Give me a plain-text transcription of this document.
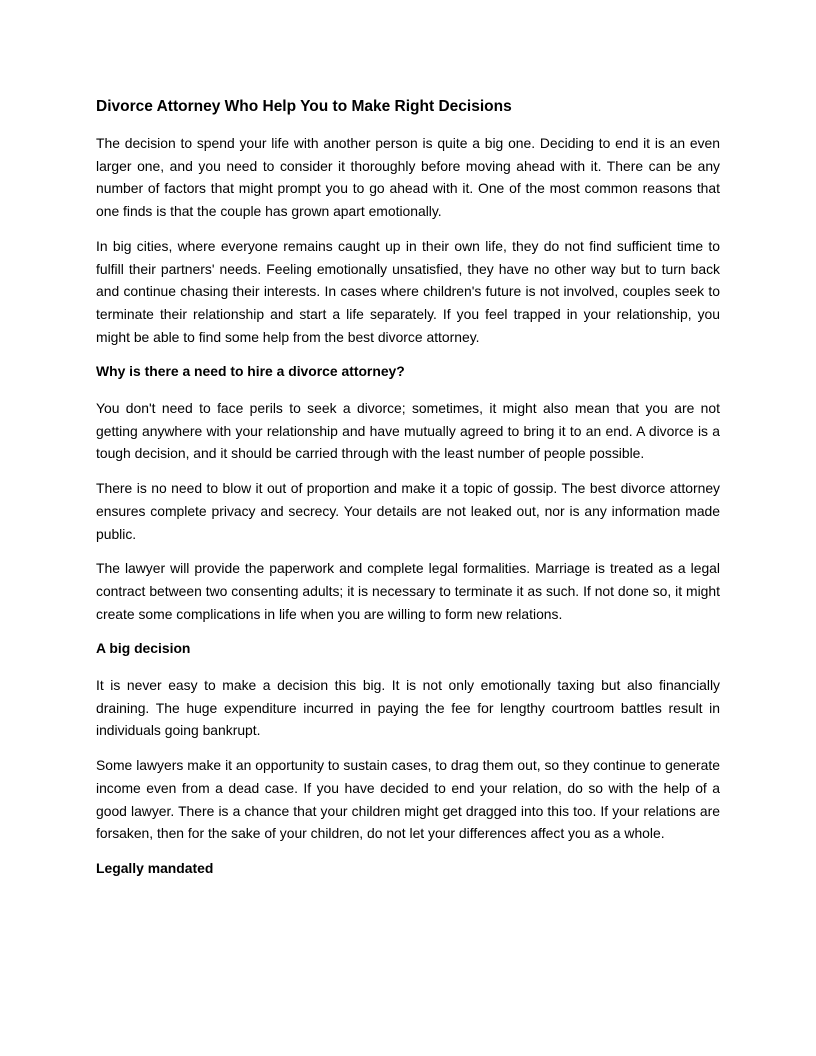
Divorce Attorney Who Help You to Make Right Decisions

The decision to spend your life with another person is quite a big one. Deciding to end it is an even larger one, and you need to consider it thoroughly before moving ahead with it. There can be any number of factors that might prompt you to go ahead with it. One of the most common reasons that one finds is that the couple has grown apart emotionally.

In big cities, where everyone remains caught up in their own life, they do not find sufficient time to fulfill their partners' needs. Feeling emotionally unsatisfied, they have no other way but to turn back and continue chasing their interests. In cases where children's future is not involved, couples seek to terminate their relationship and start a life separately. If you feel trapped in your relationship, you might be able to find some help from the best divorce attorney.

Why is there a need to hire a divorce attorney?

You don't need to face perils to seek a divorce; sometimes, it might also mean that you are not getting anywhere with your relationship and have mutually agreed to bring it to an end. A divorce is a tough decision, and it should be carried through with the least number of people possible.

There is no need to blow it out of proportion and make it a topic of gossip. The best divorce attorney ensures complete privacy and secrecy. Your details are not leaked out, nor is any information made public.

The lawyer will provide the paperwork and complete legal formalities. Marriage is treated as a legal contract between two consenting adults; it is necessary to terminate it as such. If not done so, it might create some complications in life when you are willing to form new relations.

A big decision

It is never easy to make a decision this big. It is not only emotionally taxing but also financially draining. The huge expenditure incurred in paying the fee for lengthy courtroom battles result in individuals going bankrupt.

Some lawyers make it an opportunity to sustain cases, to drag them out, so they continue to generate income even from a dead case. If you have decided to end your relation, do so with the help of a good lawyer. There is a chance that your children might get dragged into this too. If your relations are forsaken, then for the sake of your children, do not let your differences affect you as a whole.

Legally mandated
